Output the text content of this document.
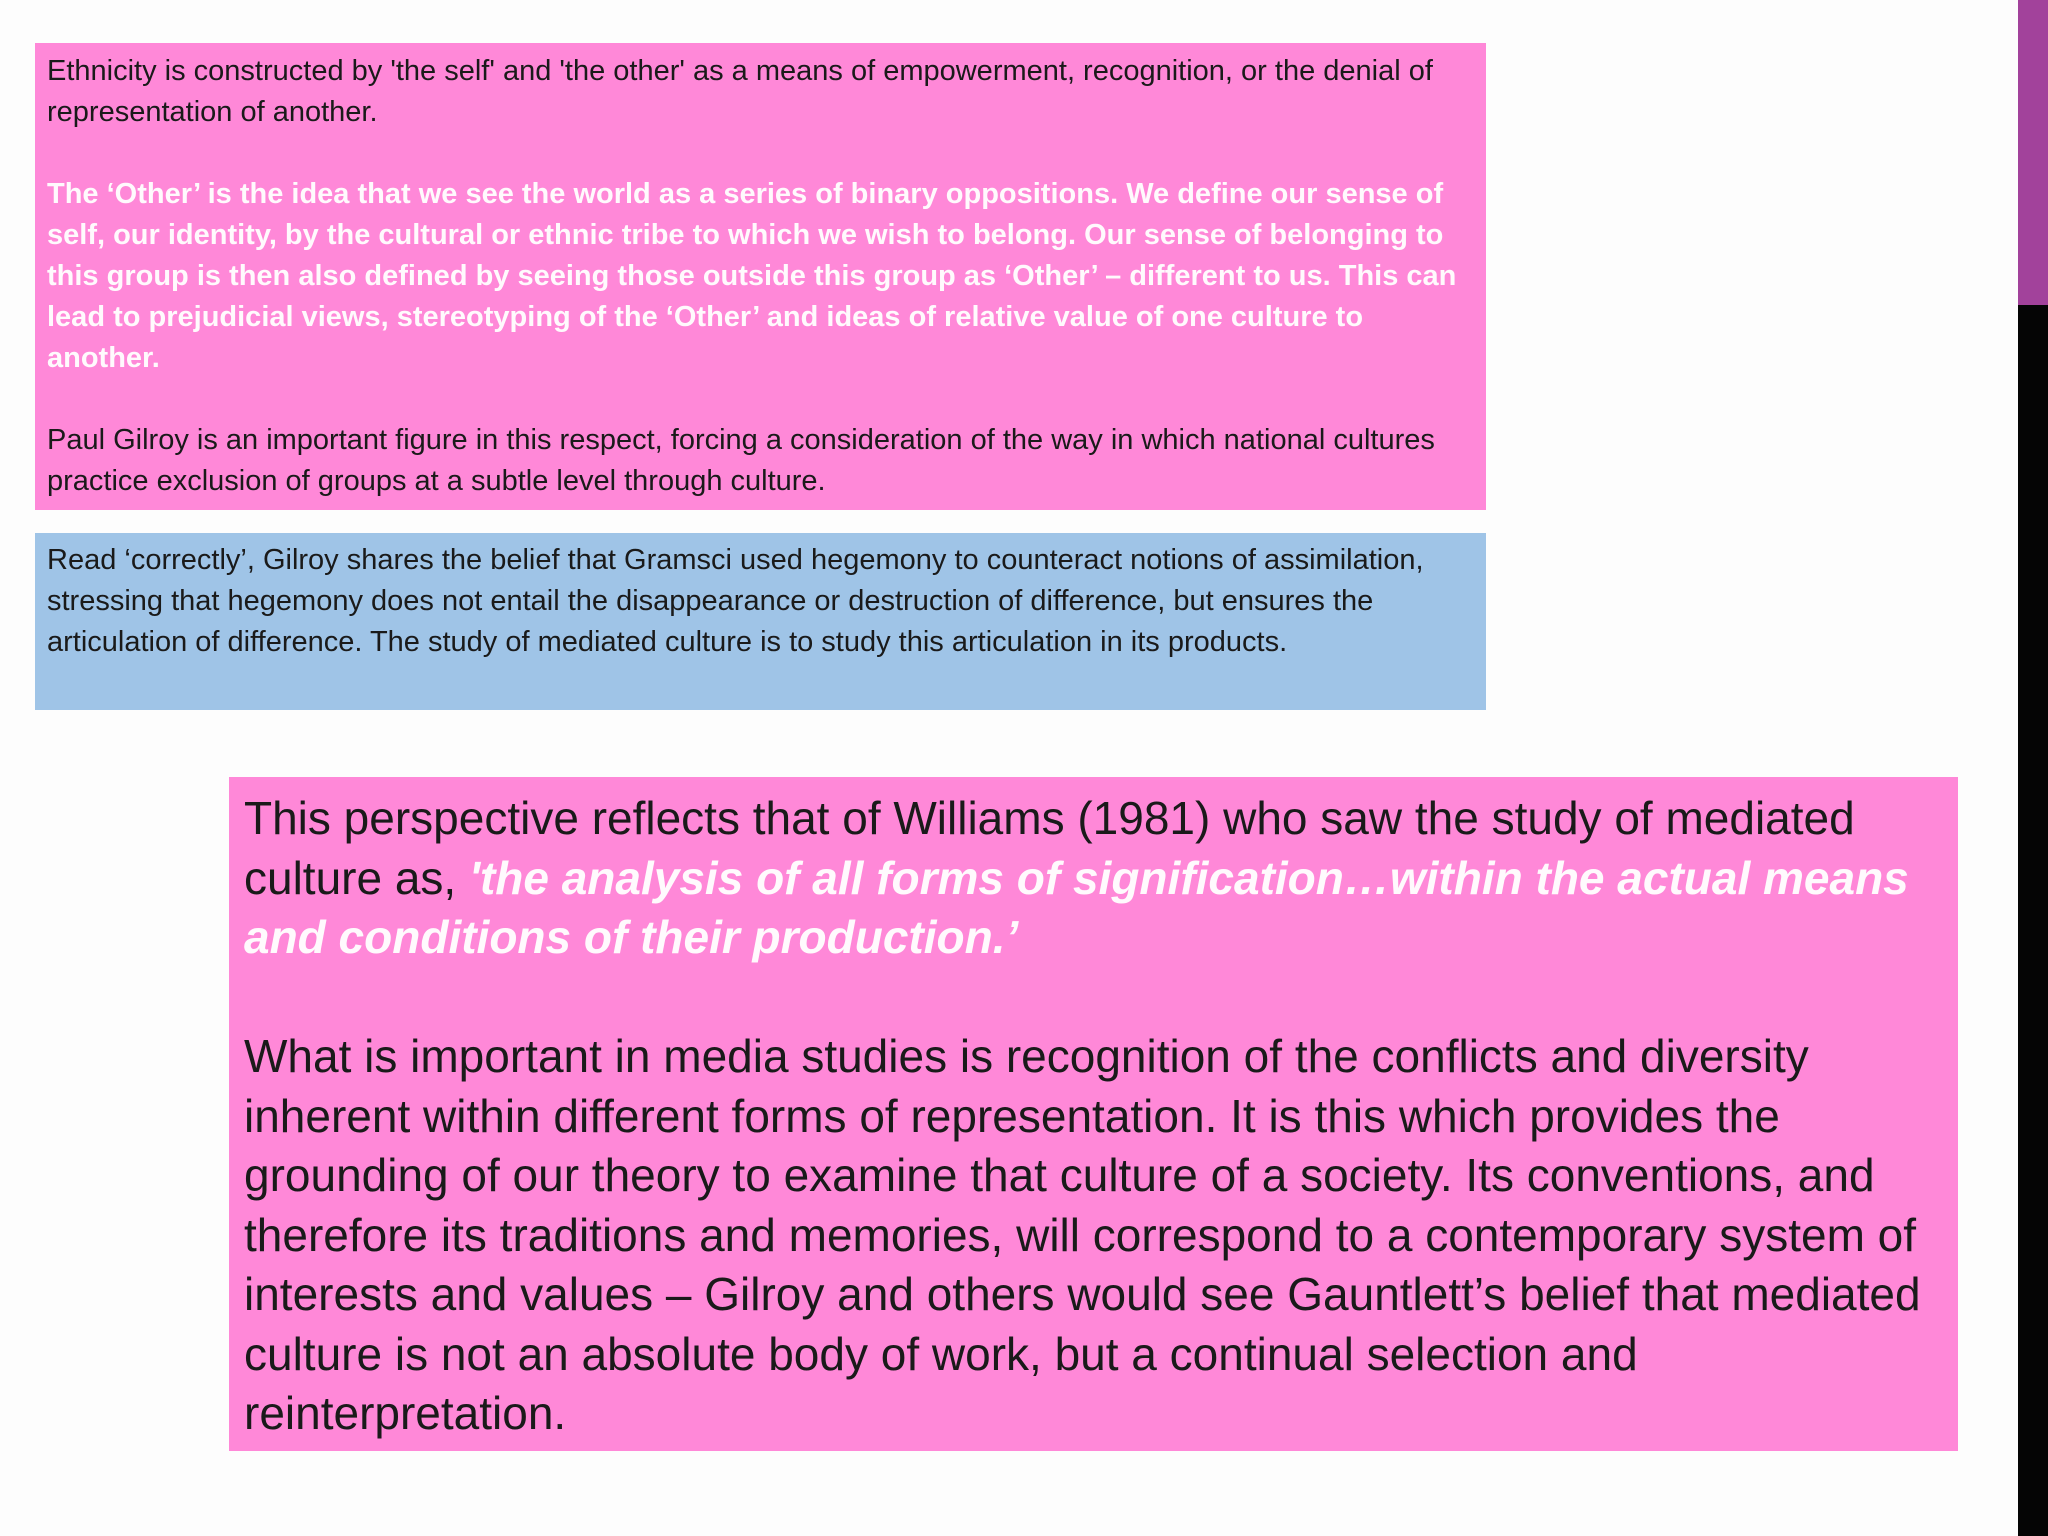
Ethnicity is constructed by 'the self' and 'the other' as a means of empowerment, recognition, or the denial of representation of another.

The ‘Other’ is the idea that we see the world as a series of binary oppositions. We define our sense of self, our identity, by the cultural or ethnic tribe to which we wish to belong. Our sense of belonging to this group is then also defined by seeing those outside this group as ‘Other’ – different to us. This can lead to prejudicial views, stereotyping of the ‘Other’ and ideas of relative value of one culture to another.

Paul Gilroy is an important figure in this respect, forcing a consideration of the way in which national cultures practice exclusion of groups at a subtle level through culture.

Read ‘correctly’, Gilroy shares the belief that Gramsci used hegemony to counteract notions of assimilation, stressing that hegemony does not entail the disappearance or destruction of difference, but ensures the articulation of difference. The study of mediated culture is to study this articulation in its products.

This perspective reflects that of Williams (1981) who saw the study of mediated culture as, 'the analysis of all forms of signification…within the actual means and conditions of their production.’

What is important in media studies is recognition of the conflicts and diversity inherent within different forms of representation. It is this which provides the grounding of our theory to examine that culture of a society. Its conventions, and therefore its traditions and memories, will correspond to a contemporary system of interests and values – Gilroy and others would see Gauntlett’s belief that mediated culture is not an absolute body of work, but a continual selection and reinterpretation.
